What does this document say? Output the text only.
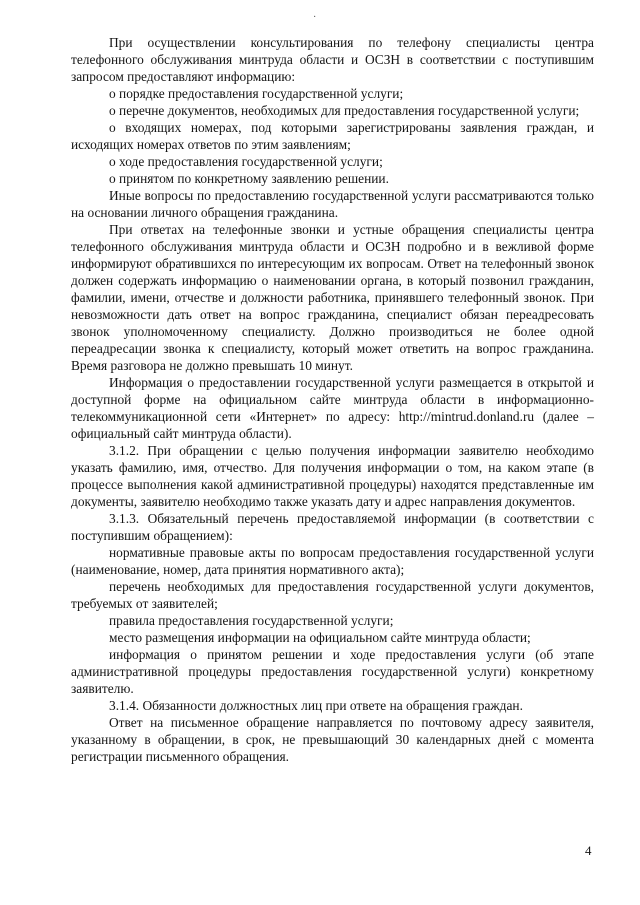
·

При осуществлении консультирования по телефону специалисты центра телефонного обслуживания минтруда области и ОСЗН в соответствии с поступившим запросом предоставляют информацию:

о порядке предоставления государственной услуги;

о перечне документов, необходимых для предоставления государственной услуги;

о входящих номерах, под которыми зарегистрированы заявления граждан, и исходящих номерах ответов по этим заявлениям;

о ходе предоставления государственной услуги;

о принятом по конкретному заявлению решении.

Иные вопросы по предоставлению государственной услуги рассматриваются только на основании личного обращения гражданина.

При ответах на телефонные звонки и устные обращения специалисты центра телефонного обслуживания минтруда области и ОСЗН подробно и в вежливой форме информируют обратившихся по интересующим их вопросам. Ответ на телефонный звонок должен содержать информацию о наименовании органа, в который позвонил гражданин, фамилии, имени, отчестве и должности работника, принявшего телефонный звонок. При невозможности дать ответ на вопрос гражданина, специалист обязан переадресовать звонок уполномоченному специалисту. Должно производиться не более одной переадресации звонка к специалисту, который может ответить на вопрос гражданина. Время разговора не должно превышать 10 минут.

Информация о предоставлении государственной услуги размещается в открытой и доступной форме на официальном сайте минтруда области в информационно-телекоммуникационной сети «Интернет» по адресу: http://mintrud.donland.ru (далее – официальный сайт минтруда области).

3.1.2. При обращении с целью получения информации заявителю необходимо указать фамилию, имя, отчество. Для получения информации о том, на каком этапе (в процессе выполнения какой административной процедуры) находятся представленные им документы, заявителю необходимо также указать дату и адрес направления документов.

3.1.3. Обязательный перечень предоставляемой информации (в соответствии с поступившим обращением):

нормативные правовые акты по вопросам предоставления государственной услуги (наименование, номер, дата принятия нормативного акта);

перечень необходимых для предоставления государственной услуги документов, требуемых от заявителей;

правила предоставления государственной услуги;

место размещения информации на официальном сайте минтруда области;

информация о принятом решении и ходе предоставления услуги (об этапе административной процедуры предоставления государственной услуги) конкретному заявителю.

3.1.4. Обязанности должностных лиц при ответе на обращения граждан.

Ответ на письменное обращение направляется по почтовому адресу заявителя, указанному в обращении, в срок, не превышающий 30 календарных дней с момента регистрации письменного обращения.

4
